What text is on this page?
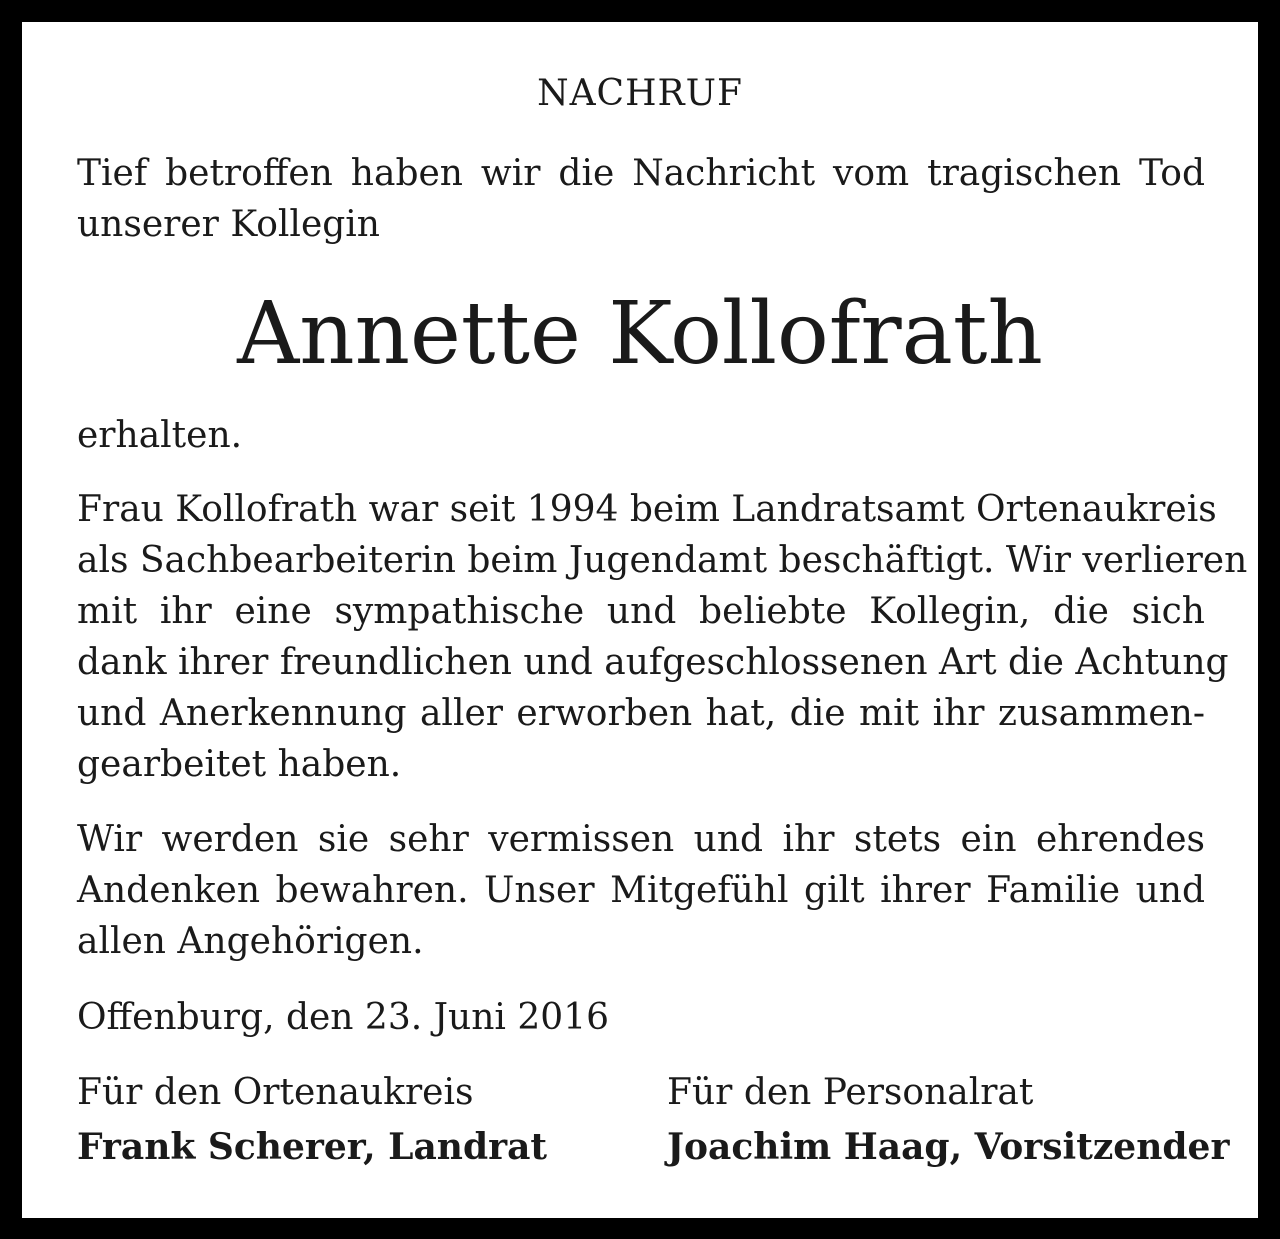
NACHRUF

Tief betroffen haben wir die Nachricht vom tragischen Tod
unserer Kollegin

Annette Kollofrath
erhalten.

Frau Kollofrath war seit 1994 beim Landratsamt Ortenaukreis
als Sachbearbeiterin beim Jugendamt beschäftigt. Wir verlieren
mit ihr eine sympathische und beliebte Kollegin, die sich
dank ihrer freundlichen und aufgeschlossenen Art die Achtung
und Anerkennung aller erworben hat, die mit ihr zusammen-
gearbeitet haben.

Wir werden sie sehr vermissen und ihr stets ein ehrendes
Andenken bewahren. Unser Mitgefühl gilt ihrer Familie und
allen Angehörigen.

Offenburg, den 23. Juni 2016
Für den Ortenaukreis
Frank Scherer, Landrat
Für den Personalrat
Joachim Haag, Vorsitzender
